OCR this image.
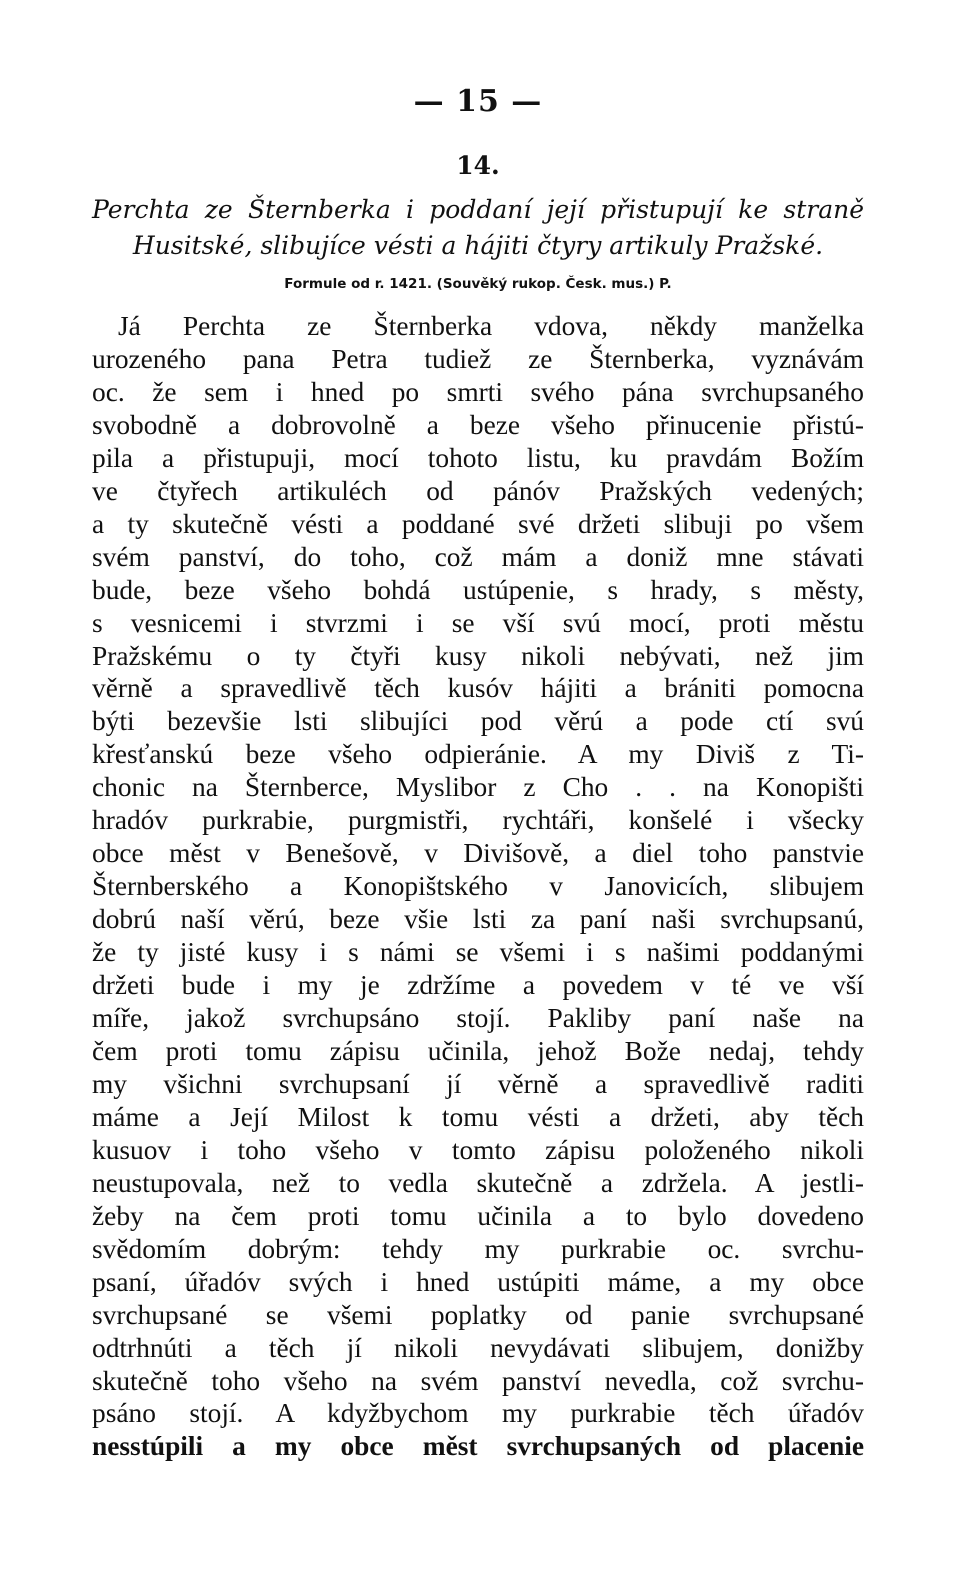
— 15 —
14.
Perchta ze Šternberka i poddaní její přistupují ke straně
Husitské, slibujíce vésti a hájiti čtyry artikuly Pražské.
Formule od r. 1421. (Souvěký rukop. Česk. mus.) P.
Já Perchta ze Šternberka vdova, někdy manželka
urozeného pana Petra tudiež ze Šternberka, vyznávám
oc. že sem i hned po smrti svého pána svrchupsaného
svobodně a dobrovolně a beze všeho přinucenie přistú-
pila a přistupuji, mocí tohoto listu, ku pravdám Božím
ve čtyřech artikuléch od pánóv Pražských vedených;
a ty skutečně vésti a poddané své držeti slibuji po všem
svém panství, do toho, což mám a doniž mne stávati
bude, beze všeho bohdá ustúpenie, s hrady, s městy,
s vesnicemi i stvrzmi i se vší svú mocí, proti městu
Pražskému o ty čtyři kusy nikoli nebývati, než jim
věrně a spravedlivě těch kusóv hájiti a brániti pomocna
býti bezevšie lsti slibujíci pod věrú a pode ctí svú
křesťanskú beze všeho odpieránie. A my Diviš z Ti-
chonic na Šternberce, Myslibor z Cho . . na Konopišti
hradóv purkrabie, purgmistři, rychtáři, konšelé i všecky
obce měst v Benešově, v Divišově, a diel toho panstvie
Šternberského a Konopištského v Janovicích, slibujem
dobrú naší věrú, beze všie lsti za paní naši svrchupsanú,
že ty jisté kusy i s námi se všemi i s našimi poddanými
držeti bude i my je zdržíme a povedem v té ve vší
míře, jakož svrchupsáno stojí. Pakliby paní naše na
čem proti tomu zápisu učinila, jehož Bože nedaj, tehdy
my všichni svrchupsaní jí věrně a spravedlivě raditi
máme a Její Milost k tomu vésti a držeti, aby těch
kusuov i toho všeho v tomto zápisu položeného nikoli
neustupovala, než to vedla skutečně a zdržela. A jestli-
žeby na čem proti tomu učinila a to bylo dovedeno
svědomím dobrým: tehdy my purkrabie oc. svrchu-
psaní, úřadóv svých i hned ustúpiti máme, a my obce
svrchupsané se všemi poplatky od panie svrchupsané
odtrhnúti a těch jí nikoli nevydávati slibujem, donižby
skutečně toho všeho na svém panství nevedla, což svrchu-
psáno stojí. A kdyžbychom my purkrabie těch úřadóv
nesstúpili a my obce měst svrchupsaných od placenie
